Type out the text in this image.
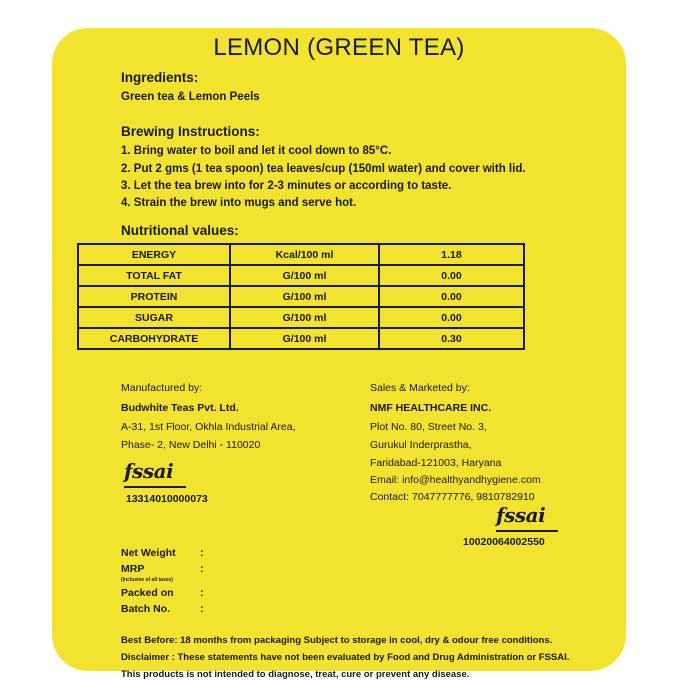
LEMON (GREEN TEA)
Ingredients:
Green tea & Lemon Peels
Brewing Instructions:
1. Bring water to boil and let it cool down to 85°C.
2. Put 2 gms (1 tea spoon) tea leaves/cup (150ml water) and cover with lid.
3. Let the tea brew into for 2-3 minutes or according to taste.
4. Strain the brew into mugs and serve hot.
Nutritional values:
ENERGY	Kcal/100 ml	1.18
TOTAL FAT	G/100 ml	0.00
PROTEIN	G/100 ml	0.00
SUGAR	G/100 ml	0.00
CARBOHYDRATE	G/100 ml	0.30
Manufactured by:
Budwhite Teas Pvt. Ltd.
A-31, 1st Floor, Okhla Industrial Area,
Phase- 2, New Delhi - 110020
fssai
13314010000073
Sales & Marketed by:
NMF HEALTHCARE INC.
Plot No. 80, Street No. 3,
Gurukul Inderprastha,
Faridabad-121003, Haryana
Email: info@healthyandhygiene.com
Contact: 7047777776, 9810782910
fssai
10020064002550
Net Weight :
MRP	:
(Inclusive of all taxes)
Packed on	:
Batch No.	:
Best Before: 18 months from packaging Subject to storage in cool, dry & odour free conditions.
Disclaimer : These statements have not been evaluated by Food and Drug Administration or FSSAI.
This products is not intended to diagnose, treat, cure or prevent any disease.
